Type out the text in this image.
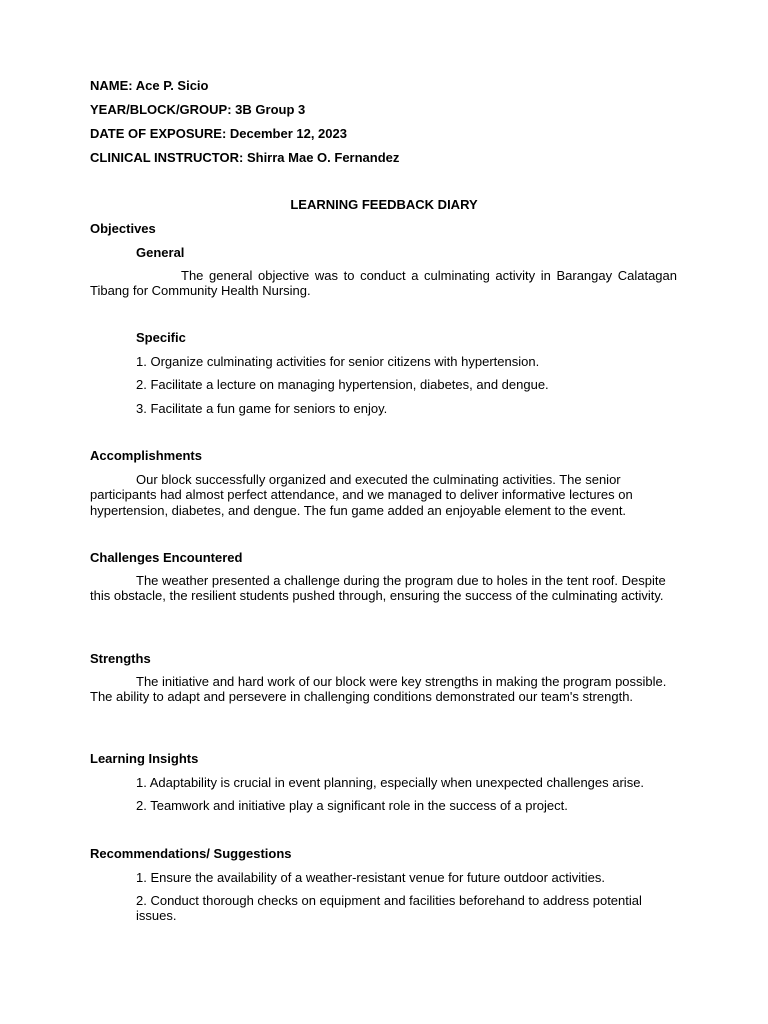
NAME: Ace P. Sicio

YEAR/BLOCK/GROUP: 3B Group 3

DATE OF EXPOSURE: December 12, 2023

CLINICAL INSTRUCTOR: Shirra Mae O. Fernandez

LEARNING FEEDBACK DIARY

Objectives

General

The general objective was to conduct a culminating activity in Barangay Calatagan Tibang for Community Health Nursing.

Specific

1. Organize culminating activities for senior citizens with hypertension.

2. Facilitate a lecture on managing hypertension, diabetes, and dengue.

3. Facilitate a fun game for seniors to enjoy.

Accomplishments

Our block successfully organized and executed the culminating activities. The senior participants had almost perfect attendance, and we managed to deliver informative lectures on hypertension, diabetes, and dengue. The fun game added an enjoyable element to the event.

Challenges Encountered

The weather presented a challenge during the program due to holes in the tent roof. Despite this obstacle, the resilient students pushed through, ensuring the success of the culminating activity.

Strengths

The initiative and hard work of our block were key strengths in making the program possible. The ability to adapt and persevere in challenging conditions demonstrated our team's strength.

Learning Insights

1. Adaptability is crucial in event planning, especially when unexpected challenges arise.

2. Teamwork and initiative play a significant role in the success of a project.

Recommendations/ Suggestions

1. Ensure the availability of a weather-resistant venue for future outdoor activities.

2. Conduct thorough checks on equipment and facilities beforehand to address potential issues.
